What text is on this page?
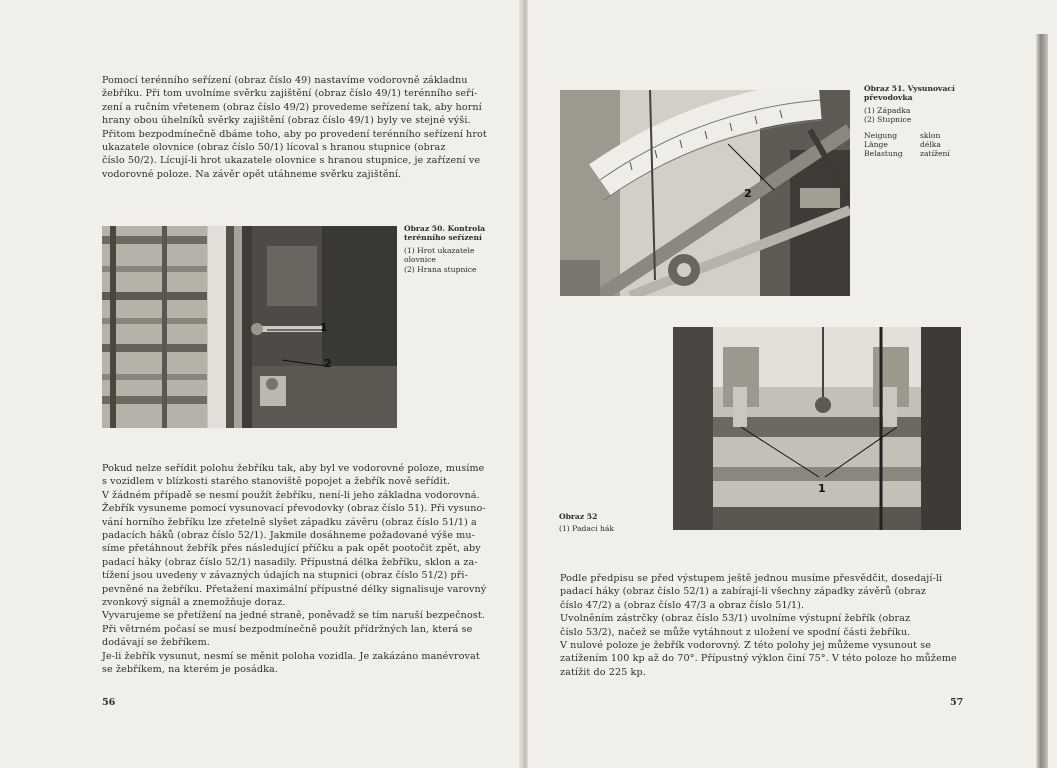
Pomocí terénního seřízení (obraz číslo 49) nastavíme vodorovně základnu

žebříku. Při tom uvolníme svěrku zajištění (obraz číslo 49/1) terénního seří-

zení a ručním vřetenem (obraz číslo 49/2) provedeme seřízení tak, aby horní

hrany obou úhelníků svěrky zajištění (obraz číslo 49/1) byly ve stejné výši.

Přitom bezpodmínečně dbáme toho, aby po provedení terénního seřízení hrot

ukazatele olovnice (obraz číslo 50/1) lícoval s hranou stupnice (obraz

číslo 50/2). Lícují-li hrot ukazatele olovnice s hranou stupnice, je zařízení ve

vodorovné poloze. Na závěr opět utáhneme svěrku zajištění.

1
2
Obraz 50. Kontrola terénního seřízení
(1) Hrot ukazatele olovnice
(2) Hrana stupnice

Pokud nelze seřídit polohu žebříku tak, aby byl ve vodorovné poloze, musíme

s vozidlem v blízkosti starého stanoviště popojet a žebřík nově seřídit.

V žádném případě se nesmí použít žebříku, není-li jeho základna vodorovná.

Žebřík vysuneme pomocí vysunovací převodovky (obraz číslo 51). Při vysuno-

vání horního žebříku lze zřetelně slyšet západku závěru (obraz číslo 51/1) a

padacích háků (obraz číslo 52/1). Jakmile dosáhneme požadované výše mu-

síme přetáhnout žebřík přes následující příčku a pak opět pootočit zpět, aby

padací háky (obraz číslo 52/1) nasadily. Přípustná délka žebříku, sklon a za-

tížení jsou uvedeny v závazných údajích na stupnici (obraz číslo 51/2) při-

pevněné na žebříku. Přetažení maximální přípustné délky signalisuje varovný

zvonkový signál a znemožňuje doraz.

Vyvarujeme se přetížení na jedné straně, poněvadž se tím naruší bezpečnost.

Při větrném počasí se musí bezpodmínečně použít přídržných lan, která se

dodávají se žebříkem.

Je-li žebřík vysunut, nesmí se měnit poloha vozidla. Je zakázáno manévrovat

se žebříkem, na kterém je posádka.

56
2
Obraz 51. Vysunovací převodovka
(1) Západka
(2) Stupnice
Neigung	sklon
Länge	délka
Belastung	zatížení
1
Obraz 52
(1) Padací hák

Podle předpisu se před výstupem ještě jednou musíme přesvědčit, dosedají-li

padací háky (obraz číslo 52/1) a zabírají-li všechny západky závěrů (obraz

číslo 47/2) a (obraz číslo 47/3 a obraz číslo 51/1).

Uvolněním zástrčky (obraz číslo 53/1) uvolníme výstupní žebřík (obraz

číslo 53/2), načež se může vytáhnout z uložení ve spodní části žebříku.

V nulové poloze je žebřík vodorovný. Z této polohy jej můžeme vysunout se

zatížením 100 kp až do 70°. Přípustný výklon činí 75°. V této poloze ho můžeme

zatížit do 225 kp.

57
